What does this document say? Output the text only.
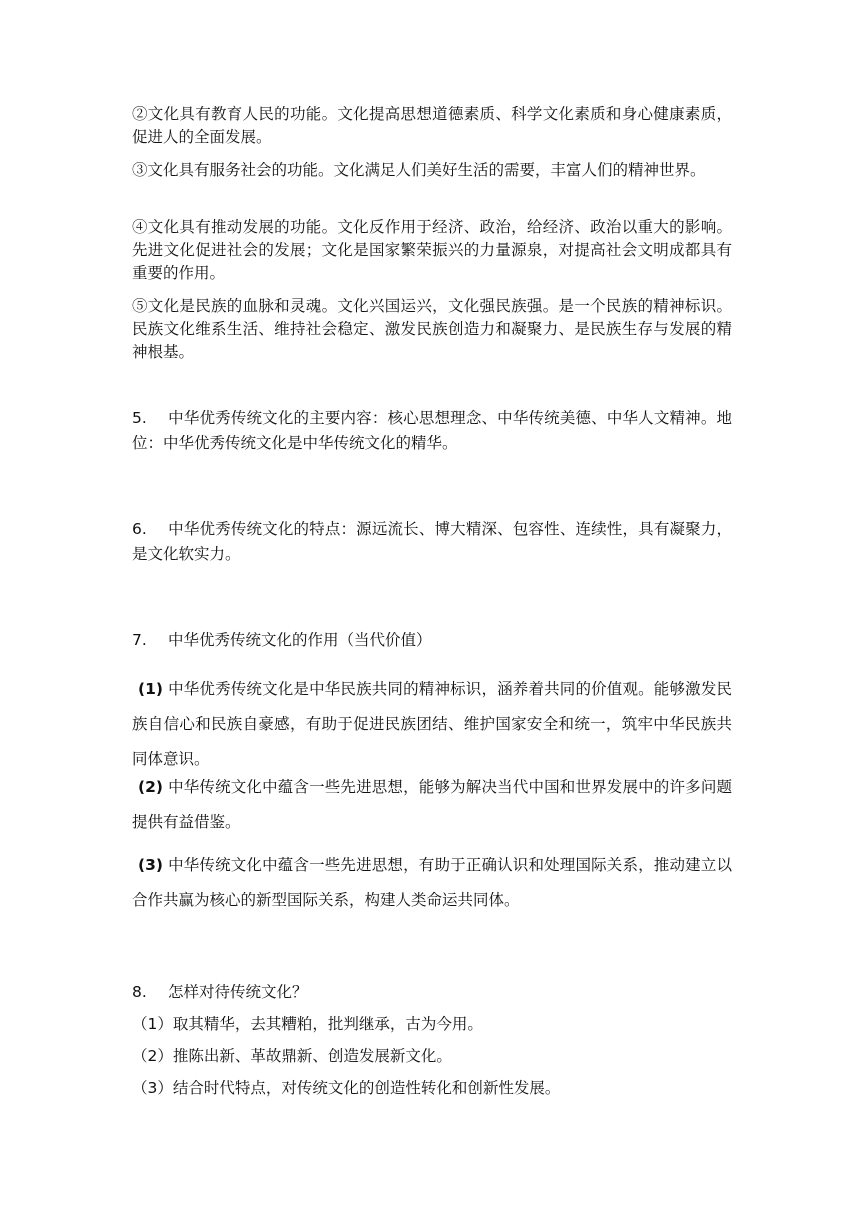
②文化具有教育人民的功能。文化提高思想道德素质、科学文化素质和身心健康素质，促进人的全面发展。

③文化具有服务社会的功能。文化满足人们美好生活的需要，丰富人们的精神世界。

④文化具有推动发展的功能。文化反作用于经济、政治，给经济、政治以重大的影响。先进文化促进社会的发展；文化是国家繁荣振兴的力量源泉，对提高社会文明成都具有重要的作用。

⑤文化是民族的血脉和灵魂。文化兴国运兴，文化强民族强。是一个民族的精神标识。民族文化维系生活、维持社会稳定、激发民族创造力和凝聚力、是民族生存与发展的精神根基。

5. 中华优秀传统文化的主要内容：核心思想理念、中华传统美德、中华人文精神。地位：中华优秀传统文化是中华传统文化的精华。

6. 中华优秀传统文化的特点：源远流长、博大精深、包容性、连续性，具有凝聚力，是文化软实力。

7. 中华优秀传统文化的作用（当代价值）

(1) 中华优秀传统文化是中华民族共同的精神标识，涵养着共同的价值观。能够激发民族自信心和民族自豪感，有助于促进民族团结、维护国家安全和统一，筑牢中华民族共同体意识。

(2) 中华传统文化中蕴含一些先进思想，能够为解决当代中国和世界发展中的许多问题提供有益借鉴。

(3) 中华传统文化中蕴含一些先进思想，有助于正确认识和处理国际关系，推动建立以合作共赢为核心的新型国际关系，构建人类命运共同体。

8. 怎样对待传统文化？

（1）取其精华，去其糟粕，批判继承，古为今用。

（2）推陈出新、革故鼎新、创造发展新文化。

（3）结合时代特点，对传统文化的创造性转化和创新性发展。
